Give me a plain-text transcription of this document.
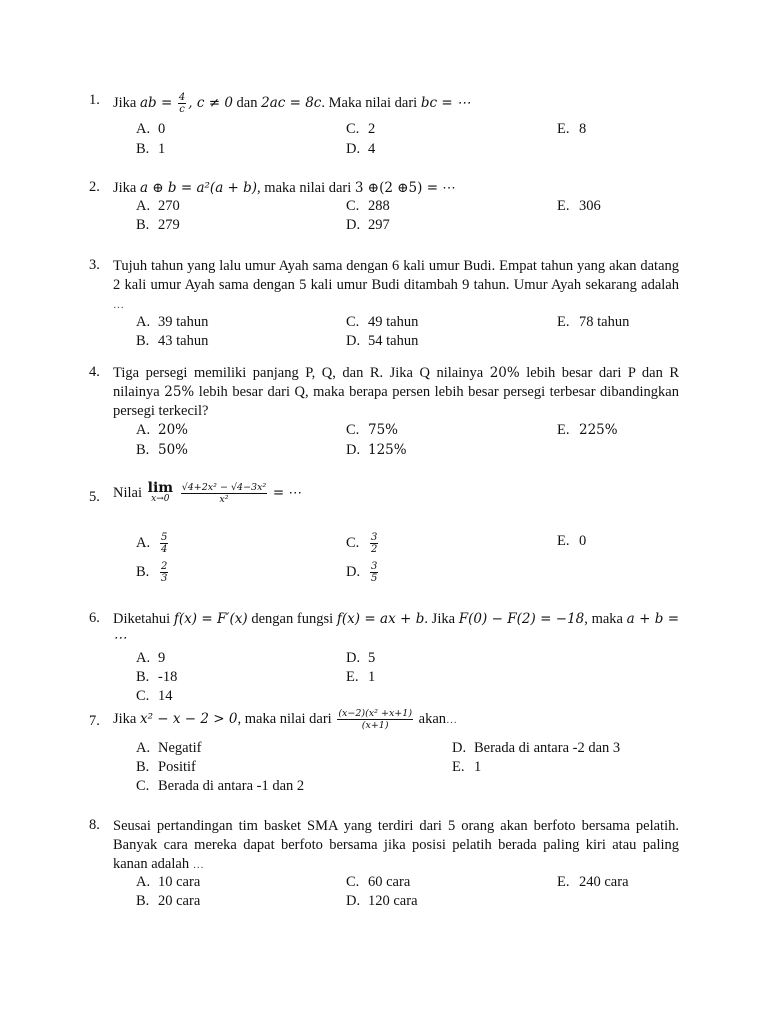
1. Jika ab = $\frac{4}{c}$ , c ≠ 0 dan 2ac = 8c. Maka nilai dari bc = ⋯
A. 0
B. 1
C. 2
D. 4
E. 8
2. Jika a ⊕ b = a²(a + b), maka nilai dari 3 ⊕(2 ⊕5) = ⋯
A. 270
B. 279
C. 288
D. 297
E. 306
3. Tujuh tahun yang lalu umur Ayah sama dengan 6 kali umur Budi. Empat tahun yang akan datang 2 kali umur Ayah sama dengan 5 kali umur Budi ditambah 9 tahun. Umur Ayah sekarang adalah …
A. 39 tahun
B. 43 tahun
C. 49 tahun
D. 54 tahun
E. 78 tahun
4. Tiga persegi memiliki panjang P, Q, dan R. Jika Q nilainya 20% lebih besar dari P dan R nilainya 25% lebih besar dari Q, maka berapa persen lebih besar persegi terbesar dibandingkan persegi terkecil?
A. 20%
B. 50%
C. 75%
D. 125%
E. 225%
5. Nilai lim
x→0
	$\frac{\text{√4+2x² − √4−3x²}}{\text{x²}}$ = ⋯
A. $\frac{5}{4}$
B. $\frac{2}{3}$
C. $\frac{3}{2}$
D. $\frac{3}{5}$
E. 0
6. Diketahui f(x) = F′(x) dengan fungsi f(x) = ax + b. Jika F(0) − F(2) = −18, maka a + b = ⋯
A. 9
B. -18
C. 14
D. 5
E. 1
7. Jika x² − x − 2 > 0, maka nilai dari $\frac{\text{(x−2)(x² +x+1)}}{(x+1)}$ akan…
A. Negatif
B. Positif
C. Berada di antara -1 dan 2
D. Berada di antara -2 dan 3
E. 1
8. Seusai pertandingan tim basket SMA yang terdiri dari 5 orang akan berfoto bersama pelatih. Banyak cara mereka dapat berfoto bersama jika posisi pelatih berada paling kiri atau paling kanan adalah …
A. 10 cara
B. 20 cara
C. 60 cara
D. 120 cara
E. 240 cara
